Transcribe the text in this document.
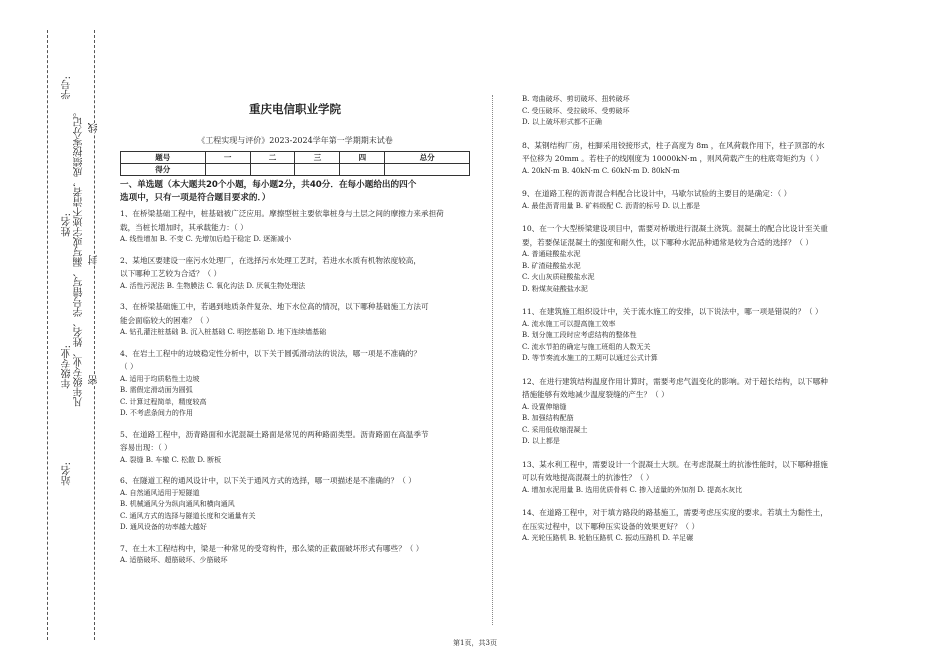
线
封
密
学号:
姓名:
年级专业:
站名:
凡年级专业、姓名、学号错写、漏写或字迹不清者，成绩按零分记。	重庆电信职业学院
《工程实现与评价》2023-2024学年第一学期期末试卷
题号	一	二	三	四	总分
得分					
一、单选题（本大题共20个小题，每小题2分，共40分．在每小题给出的四个
选项中，只有一项是符合题目要求的．）
1、在桥梁基础工程中，桩基础被广泛应用。摩擦型桩主要依靠桩身与土层之间的摩擦力来承担荷
载，当桩长增加时，其承载能力：（ ）
A. 线性增加 B. 不变 C. 先增加后趋于稳定 D. 逐渐减小
2、某地区要建设一座污水处理厂，在选择污水处理工艺时，若进水水质有机物浓度较高，
以下哪种工艺较为合适？（ ）
A. 活性污泥法 B. 生物膜法 C. 氧化沟法 D. 厌氧生物处理法
3、在桥梁基础施工中，若遇到地质条件复杂、地下水位高的情况，以下哪种基础施工方法可
能会面临较大的困难？（ ）
A. 钻孔灌注桩基础 B. 沉入桩基础 C. 明挖基础 D. 地下连续墙基础
4、在岩土工程中的边坡稳定性分析中，以下关于圆弧滑动法的说法，哪一项是不准确的？
（ ）
A. 适用于均质粘性土边坡
B. 需假定滑动面为圆弧
C. 计算过程简单，精度较高
D. 不考虑条间力的作用
5、在道路工程中，沥青路面和水泥混凝土路面是常见的两种路面类型。沥青路面在高温季节
容易出现：（ ）
A. 裂缝 B. 车辙 C. 松散 D. 断板
6、在隧道工程的通风设计中，以下关于通风方式的选择，哪一项描述是不准确的？（ ）
A. 自然通风适用于短隧道
B. 机械通风分为纵向通风和横向通风
C. 通风方式的选择与隧道长度和交通量有关
D. 通风设备的功率越大越好
7、在土木工程结构中，梁是一种常见的受弯构件，那么梁的正截面破坏形式有哪些？（ ）
A. 适筋破坏、超筋破坏、少筋破坏
B. 弯曲破坏、剪切破坏、扭转破坏
C. 受压破坏、受拉破坏、受剪破坏
D. 以上破坏形式都不正确
8、某钢结构厂房，柱脚采用铰接形式，柱子高度为 8m ，在风荷载作用下，柱子顶部的水
平位移为 20mm 。若柱子的线刚度为 10000kN·m ，则风荷载产生的柱底弯矩约为（ ）
A. 20kN·m B. 40kN·m C. 60kN·m D. 80kN·m
9、在道路工程的沥青混合料配合比设计中，马歇尔试验的主要目的是确定：（ ）
A. 最佳沥青用量 B. 矿料级配 C. 沥青的标号 D. 以上都是
10、在一个大型桥梁建设项目中，需要对桥墩进行混凝土浇筑。混凝土的配合比设计至关重
要，若要保证混凝土的强度和耐久性，以下哪种水泥品种通常是较为合适的选择？（ ）
A. 普通硅酸盐水泥
B. 矿渣硅酸盐水泥
C. 火山灰质硅酸盐水泥
D. 粉煤灰硅酸盐水泥
11、在建筑施工组织设计中，关于流水施工的安排，以下说法中，哪一项是错误的？（ ）
A. 流水施工可以提高施工效率
B. 划分施工段时应考虑结构的整体性
C. 流水节拍的确定与施工班组的人数无关
D. 等节奏流水施工的工期可以通过公式计算
12、在进行建筑结构温度作用计算时，需要考虑气温变化的影响。对于超长结构，以下哪种
措施能够有效地减少温度裂缝的产生？（ ）
A. 设置伸缩缝
B. 加强结构配筋
C. 采用低收缩混凝土
D. 以上都是
13、某水利工程中，需要设计一个混凝土大坝。在考虑混凝土的抗渗性能时，以下哪种措施
可以有效地提高混凝土的抗渗性？（ ）
A. 增加水泥用量 B. 选用优质骨料 C. 掺入适量的外加剂 D. 提高水灰比
14、在道路工程中，对于填方路段的路基施工，需要考虑压实度的要求。若填土为黏性土，
在压实过程中，以下哪种压实设备的效果更好？（ ）
A. 光轮压路机 B. 轮胎压路机 C. 振动压路机 D. 羊足碾
第1页，共3页
